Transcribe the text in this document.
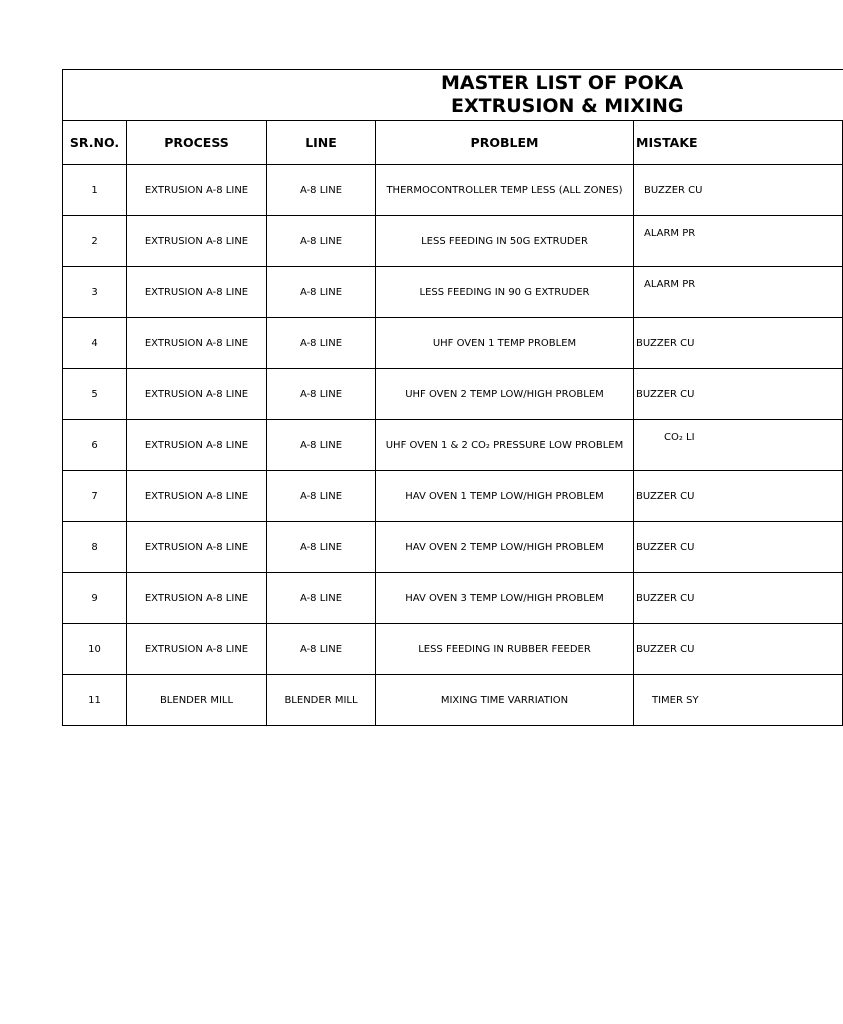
MASTER LIST OF POKA
EXTRUSION & MIXING				

SR.NO.	PROCESS	LINE	PROBLEM	MISTAKE
1	EXTRUSION A-8 LINE	A-8 LINE	THERMOCONTROLLER TEMP LESS (ALL ZONES)	BUZZER CU
2	EXTRUSION A-8 LINE	A-8 LINE	LESS FEEDING IN 50G EXTRUDER	ALARM PR
3	EXTRUSION A-8 LINE	A-8 LINE	LESS FEEDING IN 90 G EXTRUDER	ALARM PR
4	EXTRUSION A-8 LINE	A-8 LINE	UHF OVEN 1 TEMP PROBLEM	BUZZER CU
5	EXTRUSION A-8 LINE	A-8 LINE	UHF OVEN 2 TEMP LOW/HIGH PROBLEM	BUZZER CU
6	EXTRUSION A-8 LINE	A-8 LINE	UHF OVEN 1 & 2 CO₂ PRESSURE LOW PROBLEM	CO₂ LI
7	EXTRUSION A-8 LINE	A-8 LINE	HAV OVEN 1 TEMP LOW/HIGH PROBLEM	BUZZER CU
8	EXTRUSION A-8 LINE	A-8 LINE	HAV OVEN 2 TEMP LOW/HIGH PROBLEM	BUZZER CU
9	EXTRUSION A-8 LINE	A-8 LINE	HAV OVEN 3 TEMP LOW/HIGH PROBLEM	BUZZER CU
10	EXTRUSION A-8 LINE	A-8 LINE	LESS FEEDING IN RUBBER FEEDER	BUZZER CU
11	BLENDER MILL	BLENDER MILL	MIXING TIME VARRIATION	TIMER SY
